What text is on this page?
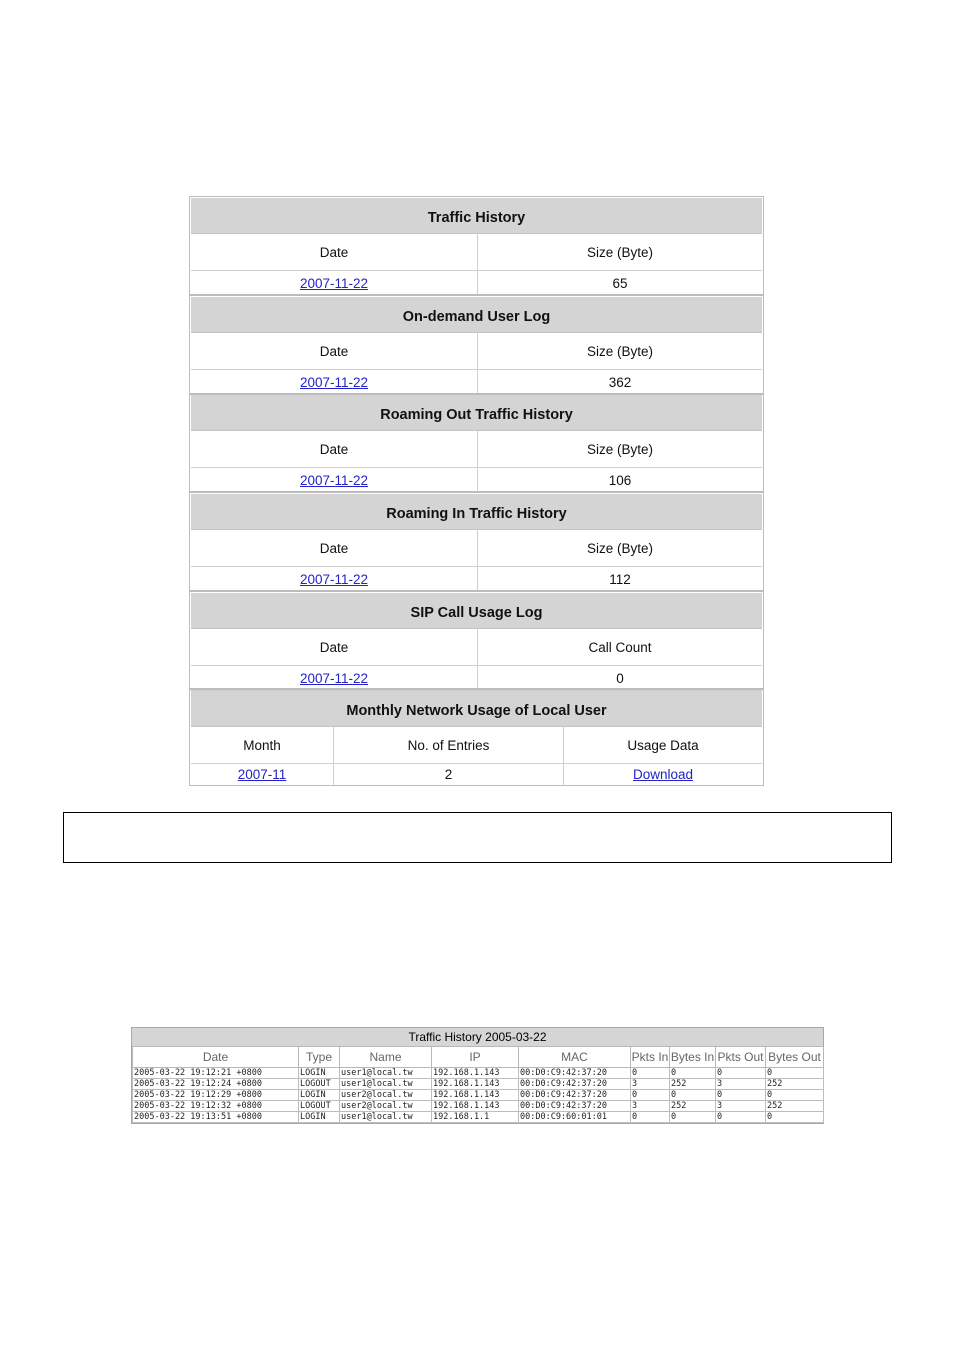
Traffic History
Date	Size (Byte)
2007-11-22	65
On-demand User Log
Date	Size (Byte)
2007-11-22	362
Roaming Out Traffic History
Date	Size (Byte)
2007-11-22	106
Roaming In Traffic History
Date	Size (Byte)
2007-11-22	112
SIP Call Usage Log
Date	Call Count
2007-11-22	0
Monthly Network Usage of Local User
Month	No. of Entries	Usage Data
2007-11	2	Download
Traffic History 2005-03-22
Date	Type	Name	IP	MAC	Pkts In	Bytes In	Pkts Out	Bytes Out
2005-03-22 19:12:21 +0800	LOGIN	user1@local.tw	192.168.1.143	00:D0:C9:42:37:20	0	0	0	0
2005-03-22 19:12:24 +0800	LOGOUT	user1@local.tw	192.168.1.143	00:D0:C9:42:37:20	3	252	3	252
2005-03-22 19:12:29 +0800	LOGIN	user2@local.tw	192.168.1.143	00:D0:C9:42:37:20	0	0	0	0
2005-03-22 19:12:32 +0800	LOGOUT	user2@local.tw	192.168.1.143	00:D0:C9:42:37:20	3	252	3	252
2005-03-22 19:13:51 +0800	LOGIN	user1@local.tw	192.168.1.1	00:D0:C9:60:01:01	0	0	0	0
